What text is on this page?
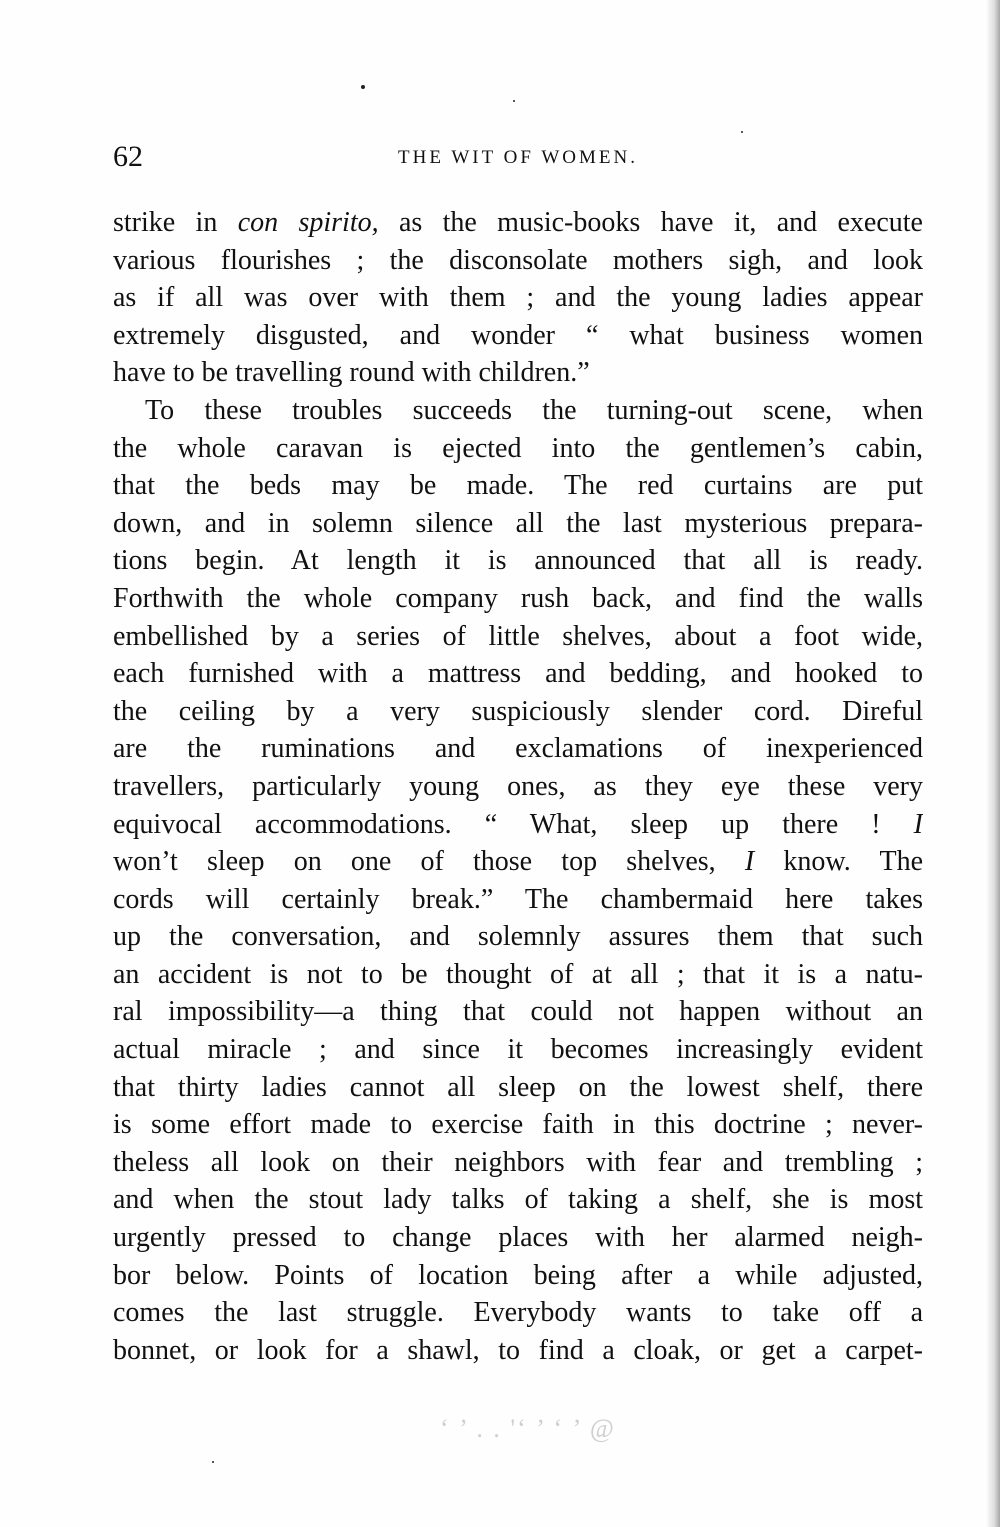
62	THE WIT OF WOMEN.
strike in con spirito, as the music-books have it, and execute
various flourishes ; the disconsolate mothers sigh, and look
as if all was over with them ; and the young ladies appear
extremely disgusted, and wonder “ what business women
have to be travelling round with children.”
To these troubles succeeds the turning-out scene, when
the whole caravan is ejected into the gentlemen’s cabin,
that the beds may be made. The red curtains are put
down, and in solemn silence all the last mysterious prepara-
tions begin. At length it is announced that all is ready.
Forthwith the whole company rush back, and find the walls
embellished by a series of little shelves, about a foot wide,
each furnished with a mattress and bedding, and hooked to
the ceiling by a very suspiciously slender cord. Direful
are the ruminations and exclamations of inexperienced
travellers, particularly young ones, as they eye these very
equivocal accommodations. “ What, sleep up there ! I
won’t sleep on one of those top shelves, I know. The
cords will certainly break.” The chambermaid here takes
up the conversation, and solemnly assures them that such
an accident is not to be thought of at all ; that it is a natu-
ral impossibility—a thing that could not happen without an
actual miracle ; and since it becomes increasingly evident
that thirty ladies cannot all sleep on the lowest shelf, there
is some effort made to exercise faith in this doctrine ; never-
theless all look on their neighbors with fear and trembling ;
and when the stout lady talks of taking a shelf, she is most
urgently pressed to change places with her alarmed neigh-
bor below. Points of location being after a while adjusted,
comes the last struggle. Everybody wants to take off a
bonnet, or look for a shawl, to find a cloak, or get a carpet-
‘ ’ . . '‘ ’ ‘ ’ @
